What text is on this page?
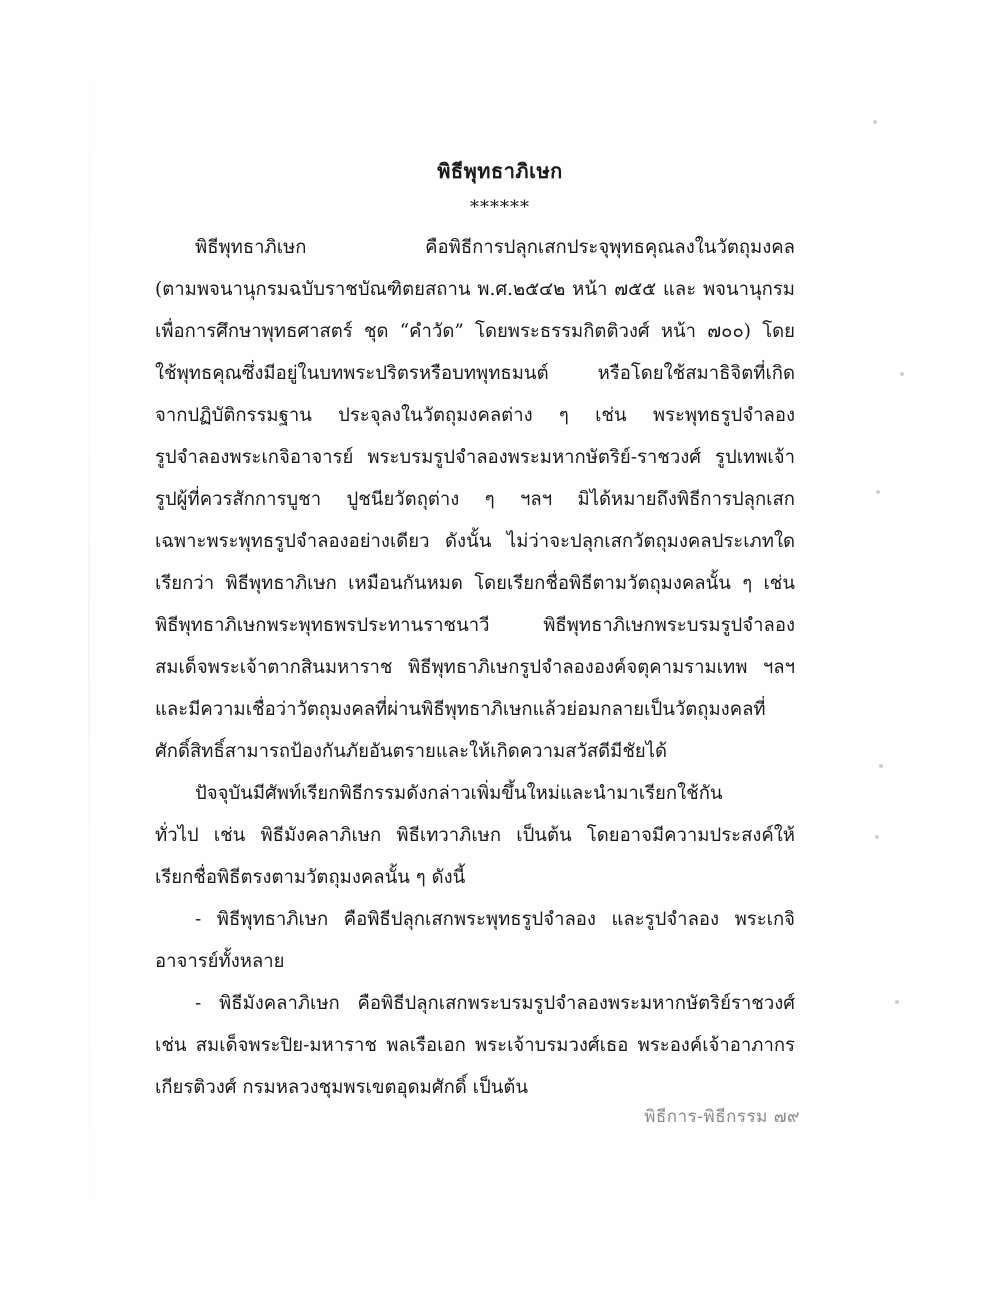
พิธีพุทธาภิเษก
******
พิธีพุทธาภิเษก คือพิธีการปลุกเสกประจุพุทธคุณลงในวัตถุมงคล
(ตามพจนานุกรมฉบับราชบัณฑิตยสถาน พ.ศ.๒๕๔๒ หน้า ๗๕๕ และ พจนานุกรม
เพื่อการศึกษาพุทธศาสตร์ ชุด “คำวัด” โดยพระธรรมกิตติวงศ์ หน้า ๗๐๐) โดย
ใช้พุทธคุณซึ่งมีอยู่ในบทพระปริตรหรือบทพุทธมนต์ หรือโดยใช้สมาธิจิตที่เกิด
จากปฏิบัติกรรมฐาน ประจุลงในวัตถุมงคลต่าง ๆ เช่น พระพุทธรูปจำลอง
รูปจำลองพระเกจิอาจารย์ พระบรมรูปจำลองพระมหากษัตริย์-ราชวงศ์ รูปเทพเจ้า
รูปผู้ที่ควรสักการบูชา ปูชนียวัตถุต่าง ๆ ฯลฯ มิได้หมายถึงพิธีการปลุกเสก
เฉพาะพระพุทธรูปจำลองอย่างเดียว ดังนั้น ไม่ว่าจะปลุกเสกวัตถุมงคลประเภทใด
เรียกว่า พิธีพุทธาภิเษก เหมือนกันหมด โดยเรียกชื่อพิธีตามวัตถุมงคลนั้น ๆ เช่น
พิธีพุทธาภิเษกพระพุทธพรประทานราชนาวี พิธีพุทธาภิเษกพระบรมรูปจำลอง
สมเด็จพระเจ้าตากสินมหาราช พิธีพุทธาภิเษกรูปจำลององค์จตุคามรามเทพ ฯลฯ
และมีความเชื่อว่าวัตถุมงคลที่ผ่านพิธีพุทธาภิเษกแล้วย่อมกลายเป็นวัตถุมงคลที่
ศักดิ์สิทธิ์สามารถป้องกันภัยอันตรายและให้เกิดความสวัสดีมีชัยได้
ปัจจุบันมีศัพท์เรียกพิธีกรรมดังกล่าวเพิ่มขึ้นใหม่และนำมาเรียกใช้กัน
ทั่วไป เช่น พิธีมังคลาภิเษก พิธีเทวาภิเษก เป็นต้น โดยอาจมีความประสงค์ให้
เรียกชื่อพิธีตรงตามวัตถุมงคลนั้น ๆ ดังนี้
- พิธีพุทธาภิเษก คือพิธีปลุกเสกพระพุทธรูปจำลอง และรูปจำลอง พระเกจิ
อาจารย์ทั้งหลาย
- พิธีมังคลาภิเษก คือพิธีปลุกเสกพระบรมรูปจำลองพระมหากษัตริย์ราชวงศ์
เช่น สมเด็จพระปิย-มหาราช พลเรือเอก พระเจ้าบรมวงศ์เธอ พระองค์เจ้าอาภากร
เกียรติวงศ์ กรมหลวงชุมพรเขตอุดมศักดิ์ เป็นต้น
พิธีการ-พิธีกรรม ๗๙
